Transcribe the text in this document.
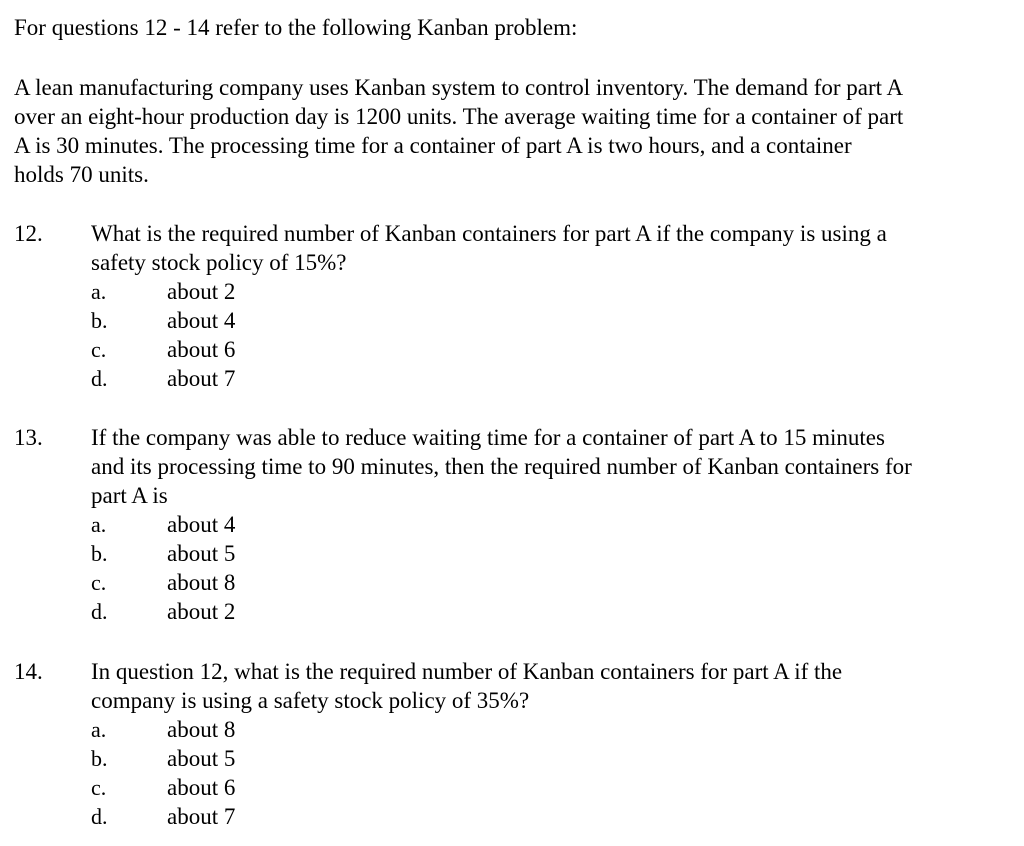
For questions 12 - 14 refer to the following Kanban problem:
A lean manufacturing company uses Kanban system to control inventory. The demand for part A
over an eight-hour production day is 1200 units. The average waiting time for a container of part
A is 30 minutes. The processing time for a container of part A is two hours, and a container
holds 70 units.
12. What is the required number of Kanban containers for part A if the company is using a
safety stock policy of 15%?
a.	about 2
b.	about 4
c.	about 6
d.	about 7
13. If the company was able to reduce waiting time for a container of part A to 15 minutes
and its processing time to 90 minutes, then the required number of Kanban containers for
part A is
a.	about 4
b.	about 5
c.	about 8
d.	about 2
14. In question 12, what is the required number of Kanban containers for part A if the
company is using a safety stock policy of 35%?
a.	about 8
b.	about 5
c.	about 6
d.	about 7
